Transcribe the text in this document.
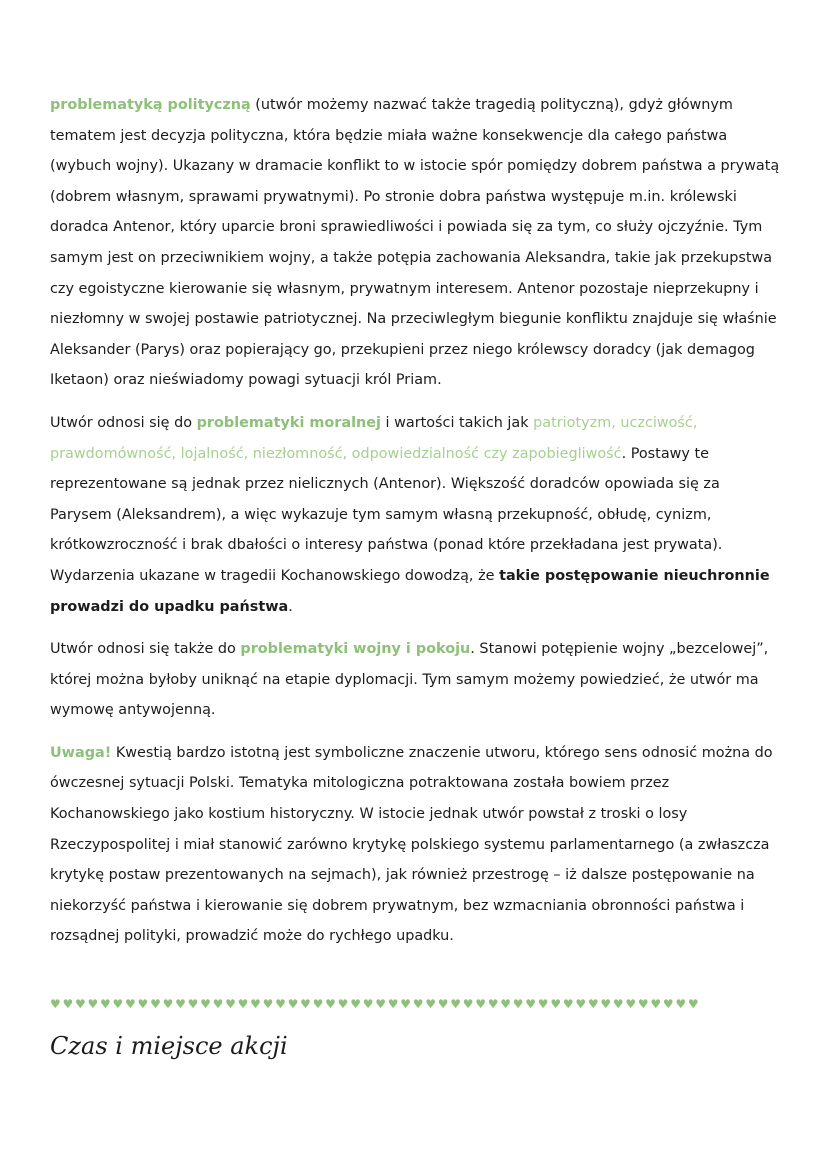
problematyką polityczną (utwór możemy nazwać także tragedią polityczną), gdyż głównym tematem jest decyzja polityczna, która będzie miała ważne konsekwencje dla całego państwa (wybuch wojny). Ukazany w dramacie konflikt to w istocie spór pomiędzy dobrem państwa a prywatą (dobrem własnym, sprawami prywatnymi). Po stronie dobra państwa występuje m.in. królewski doradca Antenor, który uparcie broni sprawiedliwości i powiada się za tym, co służy ojczyźnie. Tym samym jest on przeciwnikiem wojny, a także potępia zachowania Aleksandra, takie jak przekupstwa czy egoistyczne kierowanie się własnym, prywatnym interesem. Antenor pozostaje nieprzekupny i niezłomny w swojej postawie patriotycznej. Na przeciwległym biegunie konfliktu znajduje się właśnie Aleksander (Parys) oraz popierający go, przekupieni przez niego królewscy doradcy (jak demagog Iketaon) oraz nieświadomy powagi sytuacji król Priam.

Utwór odnosi się do problematyki moralnej i wartości takich jak patriotyzm, uczciwość, prawdomówność, lojalność, niezłomność, odpowiedzialność czy zapobiegliwość. Postawy te reprezentowane są jednak przez nielicznych (Antenor). Większość doradców opowiada się za Parysem (Aleksandrem), a więc wykazuje tym samym własną przekupność, obłudę, cynizm, krótkowzroczność i brak dbałości o interesy państwa (ponad które przekładana jest prywata). Wydarzenia ukazane w tragedii Kochanowskiego dowodzą, że takie postępowanie nieuchronnie prowadzi do upadku państwa.

Utwór odnosi się także do problematyki wojny i pokoju. Stanowi potępienie wojny „bezcelowej”, której można byłoby uniknąć na etapie dyplomacji. Tym samym możemy powiedzieć, że utwór ma wymowę antywojenną.

Uwaga! Kwestią bardzo istotną jest symboliczne znaczenie utworu, którego sens odnosić można do ówczesnej sytuacji Polski. Tematyka mitologiczna potraktowana została bowiem przez Kochanowskiego jako kostium historyczny. W istocie jednak utwór powstał z troski o losy Rzeczypospolitej i miał stanowić zarówno krytykę polskiego systemu parlamentarnego (a zwłaszcza krytykę postaw prezentowanych na sejmach), jak również przestrogę – iż dalsze postępowanie na niekorzyść państwa i kierowanie się dobrem prywatnym, bez wzmacniania obronności państwa i rozsądnej polityki, prowadzić może do rychłego upadku.

♥♥♥♥♥♥♥♥♥♥♥♥♥♥♥♥♥♥♥♥♥♥♥♥♥♥♥♥♥♥♥♥♥♥♥♥♥♥♥♥♥♥♥♥♥♥♥♥♥♥♥♥
Czas i miejsce akcji
